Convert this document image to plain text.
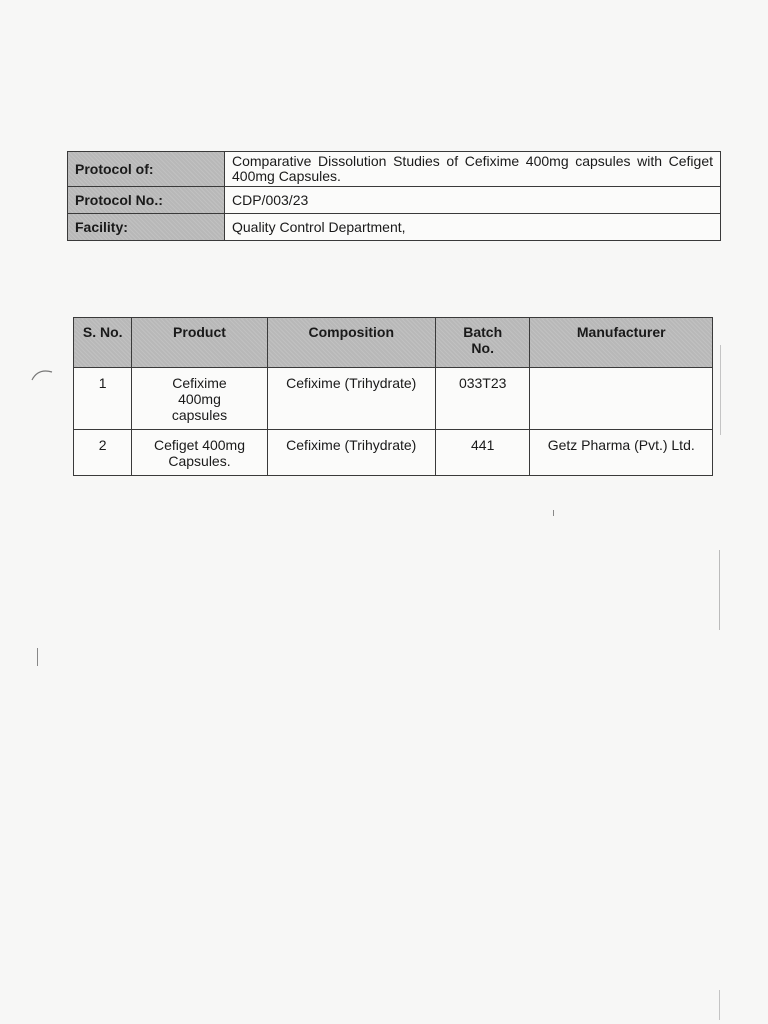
Protocol of:	Comparative Dissolution Studies of Cefixime 400mg capsules with Cefiget 400mg Capsules.
Protocol No.:	CDP/003/23
Facility:	Quality Control Department,
S. No.	Product	Composition	Batch No.	Manufacturer
1	Cefixime 400mg capsules	Cefixime (Trihydrate)	033T23	
2	Cefiget 400mg Capsules.	Cefixime (Trihydrate)	441	Getz Pharma (Pvt.) Ltd.
